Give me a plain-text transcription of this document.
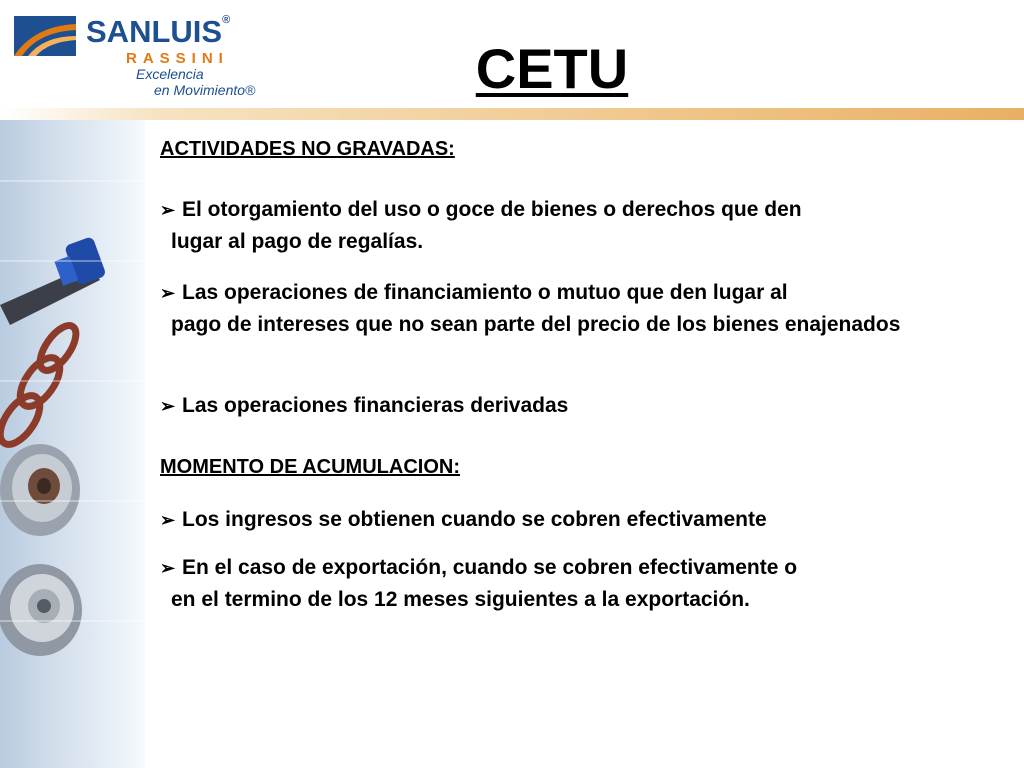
SANLUIS®
RASSINI
Excelencia
en Movimiento®	CETU
ACTIVIDADES NO GRAVADAS:
➢ El otorgamiento del uso o goce de bienes o derechos que den
lugar al pago de regalías.
➢ Las operaciones de financiamiento o mutuo que den lugar al
pago de intereses que no sean parte del precio de los bienes enajenados
➢ Las operaciones financieras derivadas
MOMENTO DE ACUMULACION:
➢ Los ingresos se obtienen cuando se cobren efectivamente
➢ En el caso de exportación, cuando se cobren efectivamente o
en el termino de los 12 meses siguientes a la exportación.
